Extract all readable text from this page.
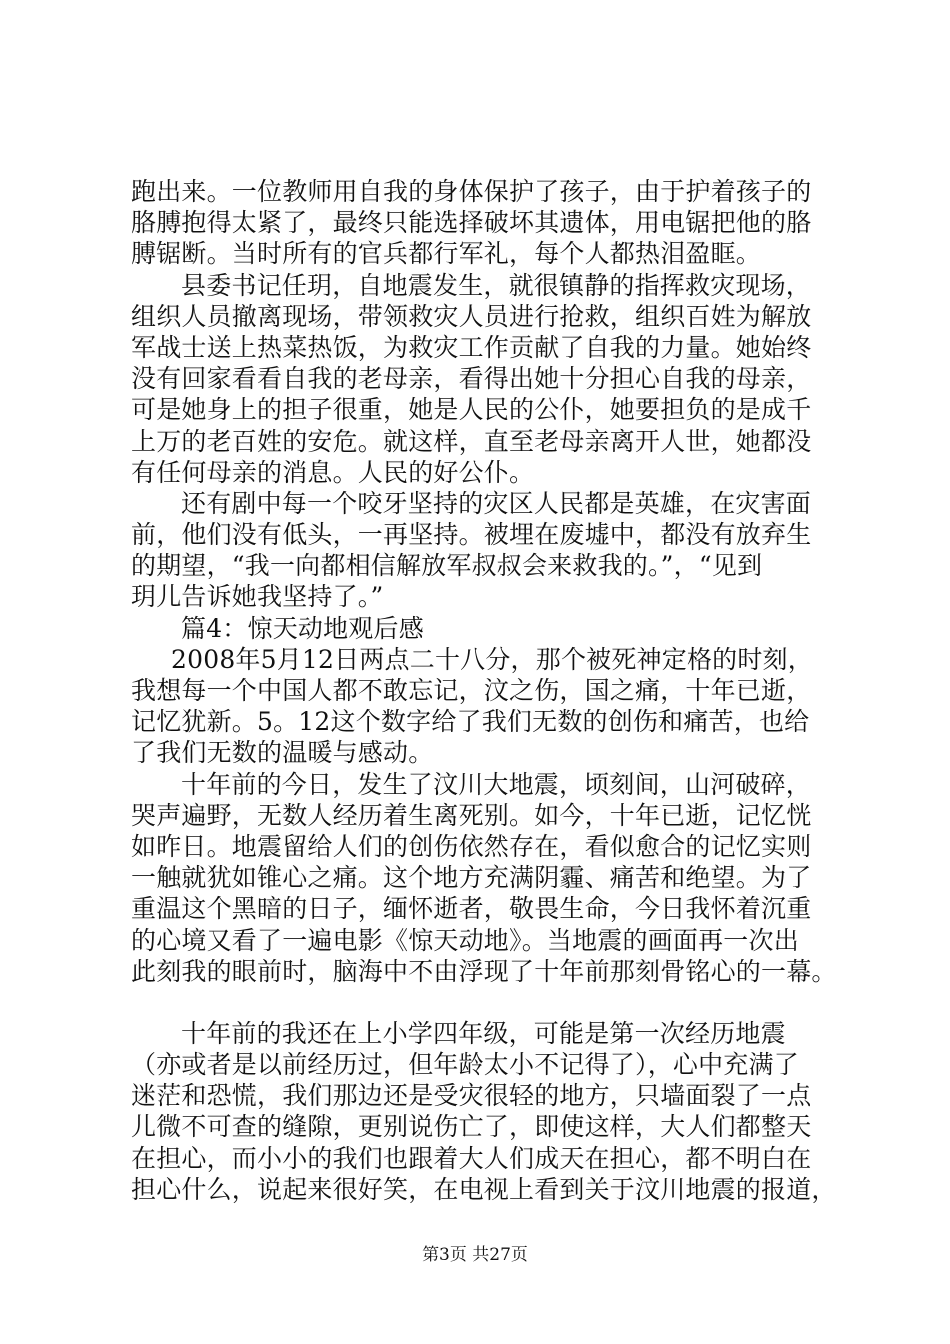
跑出来。一位教师用自我的身体保护了孩子，由于护着孩子的
胳膊抱得太紧了，最终只能选择破坏其遗体，用电锯把他的胳
膊锯断。当时所有的官兵都行军礼，每个人都热泪盈眶。
县委书记任玥，自地震发生，就很镇静的指挥救灾现场，
组织人员撤离现场，带领救灾人员进行抢救，组织百姓为解放
军战士送上热菜热饭，为救灾工作贡献了自我的力量。她始终
没有回家看看自我的老母亲，看得出她十分担心自我的母亲，
可是她身上的担子很重，她是人民的公仆，她要担负的是成千
上万的老百姓的安危。就这样，直至老母亲离开人世，她都没
有任何母亲的消息。人民的好公仆。
还有剧中每一个咬牙坚持的灾区人民都是英雄，在灾害面
前，他们没有低头，一再坚持。被埋在废墟中，都没有放弃生
的期望，“我一向都相信解放军叔叔会来救我的。”，“见到
玥儿告诉她我坚持了。”
篇4：惊天动地观后感
2008年5月12日两点二十八分，那个被死神定格的时刻，
我想每一个中国人都不敢忘记，汶之伤，国之痛，十年已逝，
记忆犹新。5。12这个数字给了我们无数的创伤和痛苦，也给
了我们无数的温暖与感动。
十年前的今日，发生了汶川大地震，顷刻间，山河破碎，
哭声遍野，无数人经历着生离死别。如今，十年已逝，记忆恍
如昨日。地震留给人们的创伤依然存在，看似愈合的记忆实则
一触就犹如锥心之痛。这个地方充满阴霾、痛苦和绝望。为了
重温这个黑暗的日子，缅怀逝者，敬畏生命，今日我怀着沉重
的心境又看了一遍电影《惊天动地》。当地震的画面再一次出
此刻我的眼前时，脑海中不由浮现了十年前那刻骨铭心的一幕。
十年前的我还在上小学四年级，可能是第一次经历地震
（亦或者是以前经历过，但年龄太小不记得了），心中充满了
迷茫和恐慌，我们那边还是受灾很轻的地方，只墙面裂了一点
儿微不可查的缝隙，更别说伤亡了，即使这样，大人们都整天
在担心，而小小的我们也跟着大人们成天在担心，都不明白在
担心什么，说起来很好笑，在电视上看到关于汶川地震的报道，
第3页 共27页
